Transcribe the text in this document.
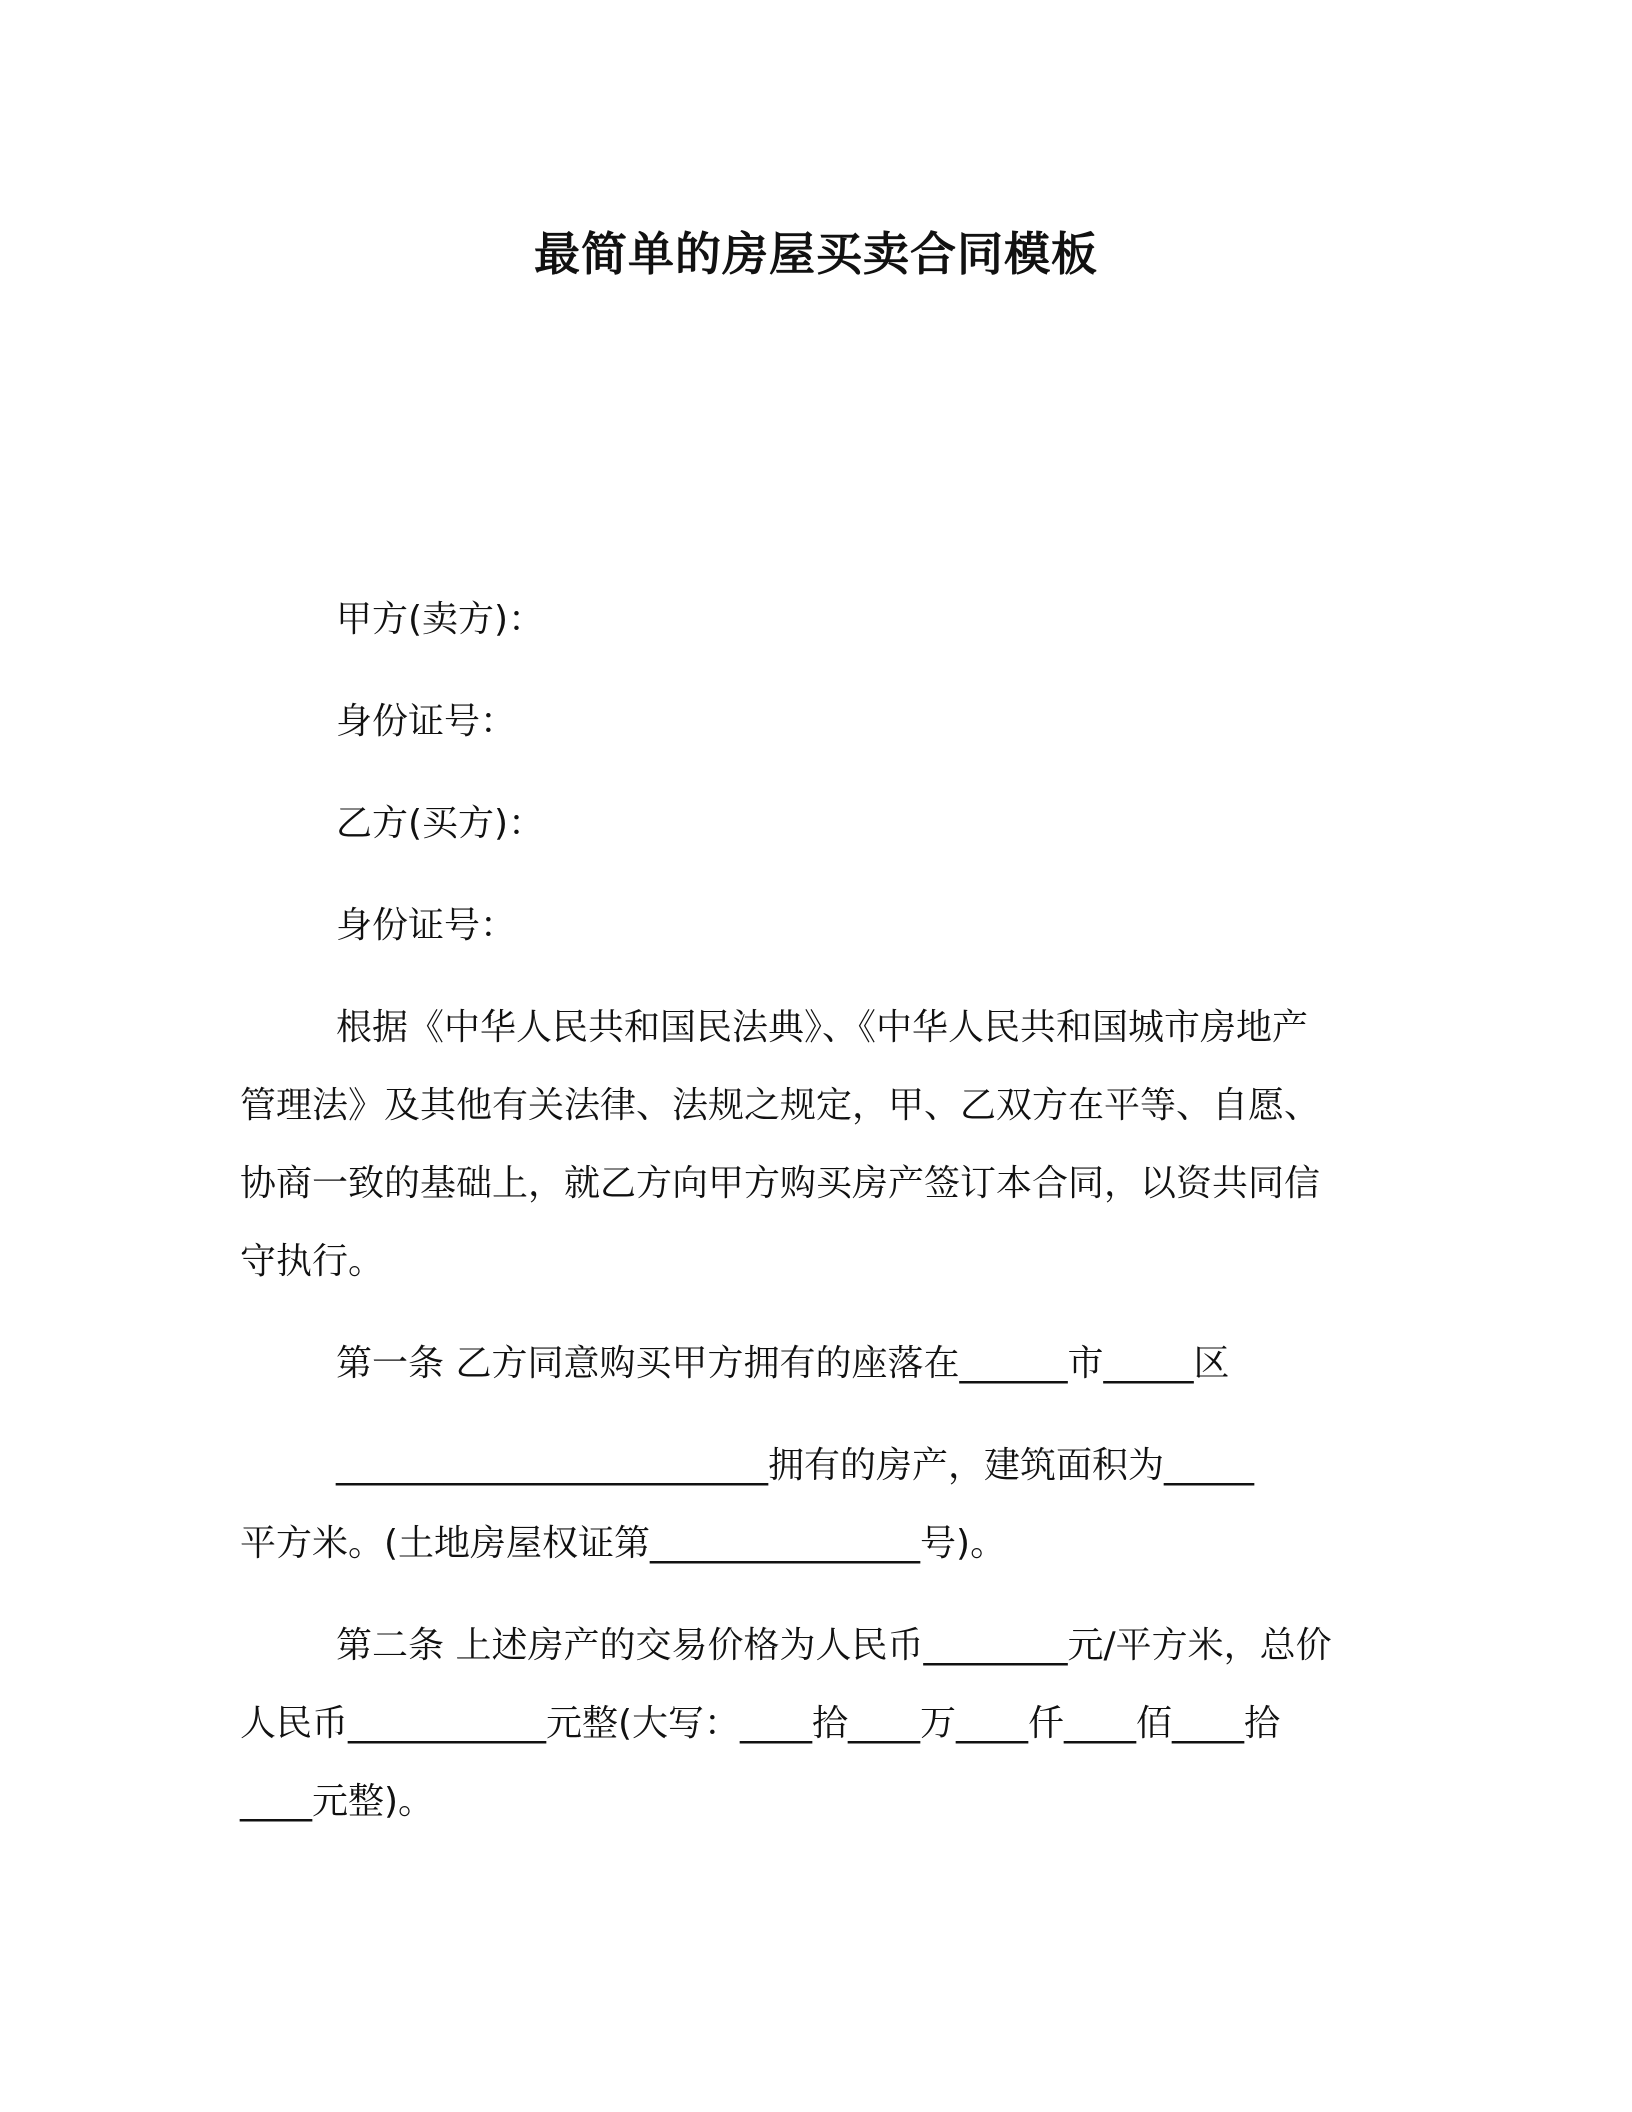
最简单的房屋买卖合同模板
甲方(卖方)：
身份证号：
乙方(买方)：
身份证号：
根据《中华人民共和国民法典》、《中华人民共和国城市房地产
管理法》及其他有关法律、法规之规定，甲、乙双方在平等、自愿、
协商一致的基础上，就乙方向甲方购买房产签订本合同，以资共同信
守执行。
第一条 乙方同意购买甲方拥有的座落在______市_____区
________________________拥有的房产，建筑面积为_____
平方米。(土地房屋权证第_______________号)。
第二条 上述房产的交易价格为人民币________元/平方米，总价
人民币___________元整(大写：____拾____万____仟____佰____拾
____元整)。
